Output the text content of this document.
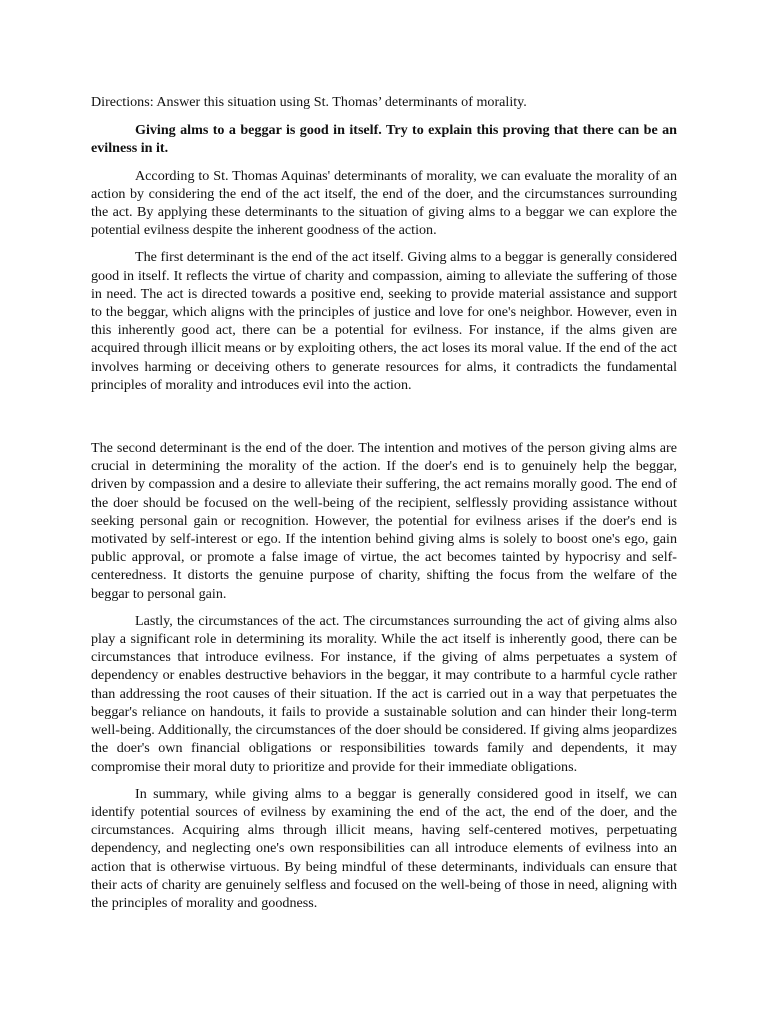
Directions: Answer this situation using St. Thomas’ determinants of morality.

Giving alms to a beggar is good in itself. Try to explain this proving that there can be an evilness in it.

According to St. Thomas Aquinas' determinants of morality, we can evaluate the morality of an action by considering the end of the act itself, the end of the doer, and the circumstances surrounding the act. By applying these determinants to the situation of giving alms to a beggar we can explore the potential evilness despite the inherent goodness of the action.

The first determinant is the end of the act itself. Giving alms to a beggar is generally considered good in itself. It reflects the virtue of charity and compassion, aiming to alleviate the suffering of those in need. The act is directed towards a positive end, seeking to provide material assistance and support to the beggar, which aligns with the principles of justice and love for one's neighbor. However, even in this inherently good act, there can be a potential for evilness. For instance, if the alms given are acquired through illicit means or by exploiting others, the act loses its moral value. If the end of the act involves harming or deceiving others to generate resources for alms, it contradicts the fundamental principles of morality and introduces evil into the action.

The second determinant is the end of the doer. The intention and motives of the person giving alms are crucial in determining the morality of the action. If the doer's end is to genuinely help the beggar, driven by compassion and a desire to alleviate their suffering, the act remains morally good. The end of the doer should be focused on the well-being of the recipient, selflessly providing assistance without seeking personal gain or recognition. However, the potential for evilness arises if the doer's end is motivated by self-interest or ego. If the intention behind giving alms is solely to boost one's ego, gain public approval, or promote a false image of virtue, the act becomes tainted by hypocrisy and self-centeredness. It distorts the genuine purpose of charity, shifting the focus from the welfare of the beggar to personal gain.

Lastly, the circumstances of the act. The circumstances surrounding the act of giving alms also play a significant role in determining its morality. While the act itself is inherently good, there can be circumstances that introduce evilness. For instance, if the giving of alms perpetuates a system of dependency or enables destructive behaviors in the beggar, it may contribute to a harmful cycle rather than addressing the root causes of their situation. If the act is carried out in a way that perpetuates the beggar's reliance on handouts, it fails to provide a sustainable solution and can hinder their long-term well-being. Additionally, the circumstances of the doer should be considered. If giving alms jeopardizes the doer's own financial obligations or responsibilities towards family and dependents, it may compromise their moral duty to prioritize and provide for their immediate obligations.

In summary, while giving alms to a beggar is generally considered good in itself, we can identify potential sources of evilness by examining the end of the act, the end of the doer, and the circumstances. Acquiring alms through illicit means, having self-centered motives, perpetuating dependency, and neglecting one's own responsibilities can all introduce elements of evilness into an action that is otherwise virtuous. By being mindful of these determinants, individuals can ensure that their acts of charity are genuinely selfless and focused on the well-being of those in need, aligning with the principles of morality and goodness.
